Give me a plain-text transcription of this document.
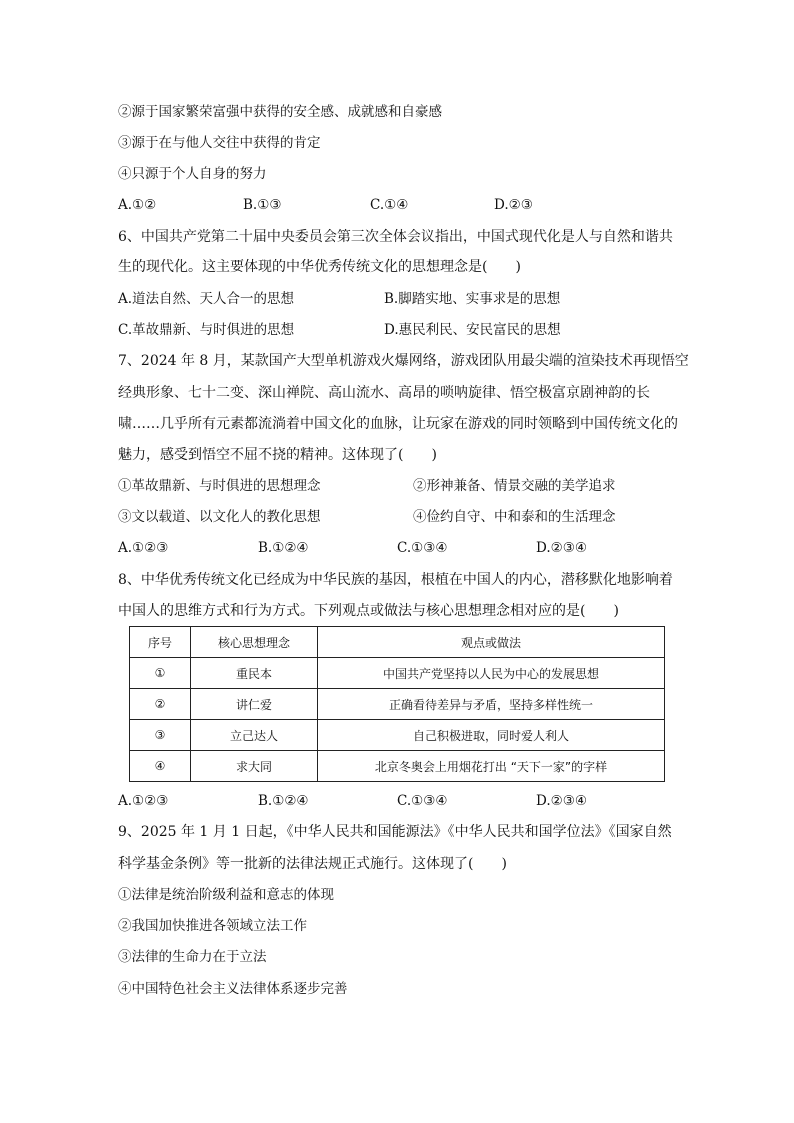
②源于国家繁荣富强中获得的安全感、成就感和自豪感
③源于在与他人交往中获得的肯定
④只源于个人自身的努力
A.①②	B.①③	C.①④	D.②③
6、中国共产党第二十届中央委员会第三次全体会议指出，中国式现代化是人与自然和谐共
生的现代化。这主要体现的中华优秀传统文化的思想理念是(　　)
A.道法自然、天人合一的思想	B.脚踏实地、实事求是的思想
C.革故鼎新、与时俱进的思想	D.惠民利民、安民富民的思想
7、2024 年 8 月，某款国产大型单机游戏火爆网络，游戏团队用最尖端的渲染技术再现悟空
经典形象、七十二变、深山禅院、高山流水、高昂的唢呐旋律、悟空极富京剧神韵的长
啸……几乎所有元素都流淌着中国文化的血脉，让玩家在游戏的同时领略到中国传统文化的
魅力，感受到悟空不屈不挠的精神。这体现了(　　)
①革故鼎新、与时俱进的思想理念	②形神兼备、情景交融的美学追求
③文以载道、以文化人的教化思想	④俭约自守、中和泰和的生活理念
A.①②③	B.①②④	C.①③④	D.②③④
8、中华优秀传统文化已经成为中华民族的基因，根植在中国人的内心，潜移默化地影响着
中国人的思维方式和行为方式。下列观点或做法与核心思想理念相对应的是(　　)
序号	核心思想理念	观点或做法
①	重民本	中国共产党坚持以人民为中心的发展思想
②	讲仁爱	正确看待差异与矛盾，坚持多样性统一
③	立己达人	自己积极进取，同时爱人利人
④	求大同	北京冬奥会上用烟花打出 “天下一家”的字样
A.①②③	B.①②④	C.①③④	D.②③④
9、2025 年 1 月 1 日起，《中华人民共和国能源法》《中华人民共和国学位法》《国家自然
科学基金条例》等一批新的法律法规正式施行。这体现了(　　)
①法律是统治阶级利益和意志的体现
②我国加快推进各领域立法工作
③法律的生命力在于立法
④中国特色社会主义法律体系逐步完善
